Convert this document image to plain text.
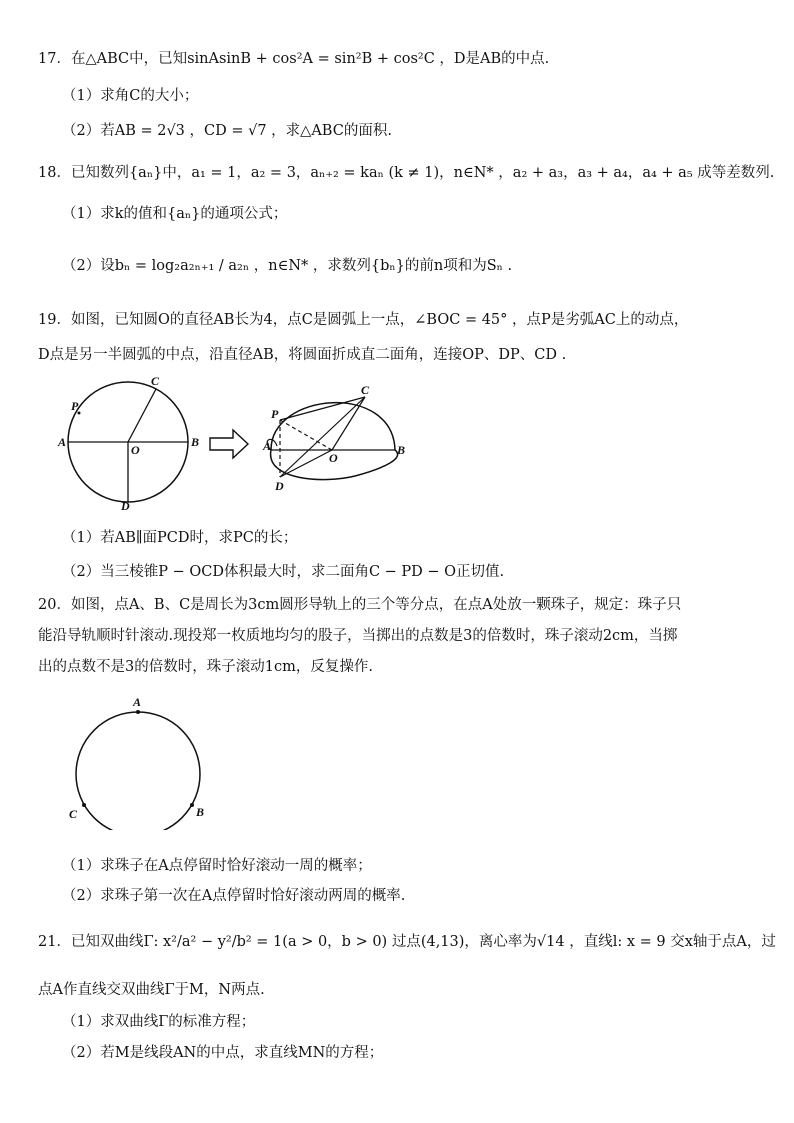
17．在△ABC中，已知sinAsinB + cos²A = sin²B + cos²C ，D是AB的中点.
（1）求角C的大小；
（2）若AB = 2√3 ，CD = √7 ，求△ABC的面积.
18．已知数列{aₙ}中，a₁ = 1，a₂ = 3，aₙ₊₂ = kaₙ (k ≠ 1)，n∈N* ，a₂ + a₃，a₃ + a₄，a₄ + a₅ 成等差数列.
（1）求k的值和{aₙ}的通项公式；
（2）设bₙ = log₂a₂ₙ₊₁ / a₂ₙ ，n∈N* ，求数列{bₙ}的前n项和为Sₙ .
19．如图，已知圆O的直径AB长为4，点C是圆弧上一点，∠BOC = 45° ，点P是劣弧AC上的动点，
D点是另一半圆弧的中点，沿直径AB，将圆面折成直二面角，连接OP、DP、CD .
A	B
C
D
O
P
A	B
C
D
O
P
（1）若AB∥面PCD时，求PC的长；
（2）当三棱锥P − OCD体积最大时，求二面角C − PD − O正切值.
20．如图，点A、B、C是周长为3cm圆形导轨上的三个等分点，在点A处放一颗珠子，规定：珠子只
能沿导轨顺时针滚动.现投郑一枚质地均匀的股子，当掷出的点数是3的倍数时，珠子滚动2cm，当掷
出的点数不是3的倍数时，珠子滚动1cm，反复操作.
A
B
C
（1）求珠子在A点停留时恰好滚动一周的概率；
（2）求珠子第一次在A点停留时恰好滚动两周的概率.
21．已知双曲线Γ: x²/a² − y²/b² = 1(a > 0，b > 0) 过点(4,13)，离心率为√14 ，直线l: x = 9 交x轴于点A，过
点A作直线交双曲线Γ于M，N两点.
（1）求双曲线Γ的标准方程；
（2）若M是线段AN的中点，求直线MN的方程；
